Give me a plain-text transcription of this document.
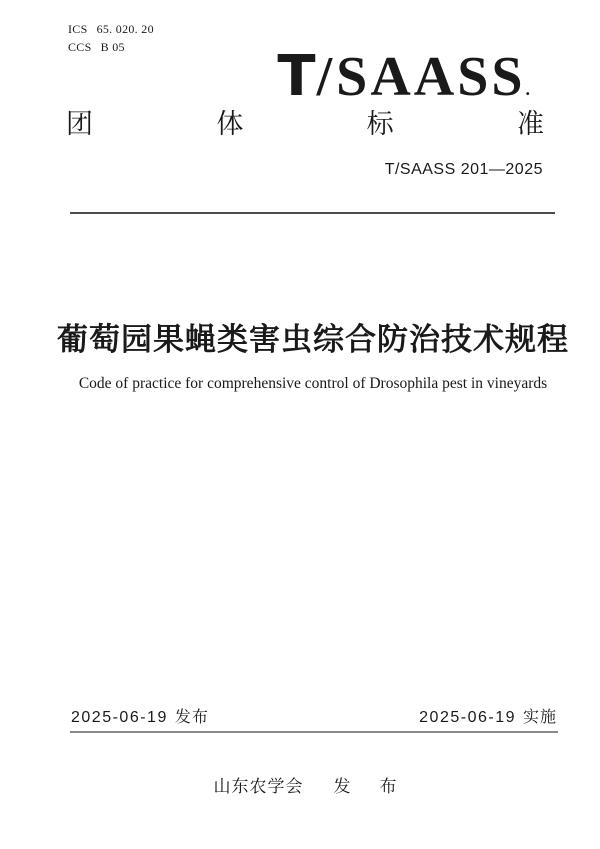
ICS 65. 020. 20
CCS B 05	T/SAASS.
团	体	标	准
T/SAASS 201—2025
葡萄园果蝇类害虫综合防治技术规程
Code of practice for comprehensive control of Drosophila pest in vineyards
2025-06-19 发布	2025-06-19 实施
山东农学会 发　布
